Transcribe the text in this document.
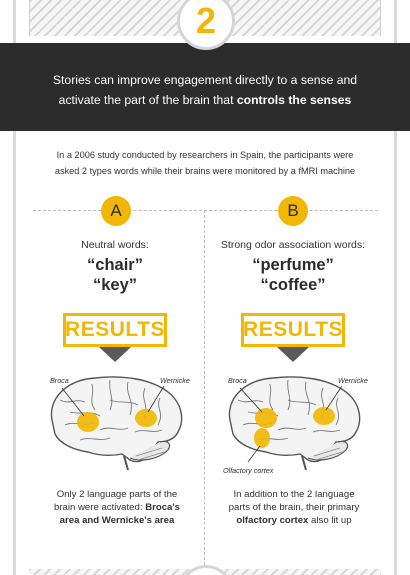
2
Stories can improve engagement directly to a sense and
activate the part of the brain that controls the senses
In a 2006 study conducted by researchers in Spain, the participants were
asked 2 types words while their brains were monitored by a fMRI machine
A
Neutral words:
“chair”
“key”
RESULTS
Broca	Wernicke
Only 2 language parts of the
brain were activated: Broca's
area and Wernicke's area
B
Strong odor association words:
“perfume”
“coffee”
RESULTS
Broca	Wernicke
Olfactory cortex
In addition to the 2 language
parts of the brain, their primary
olfactory cortex also lit up
